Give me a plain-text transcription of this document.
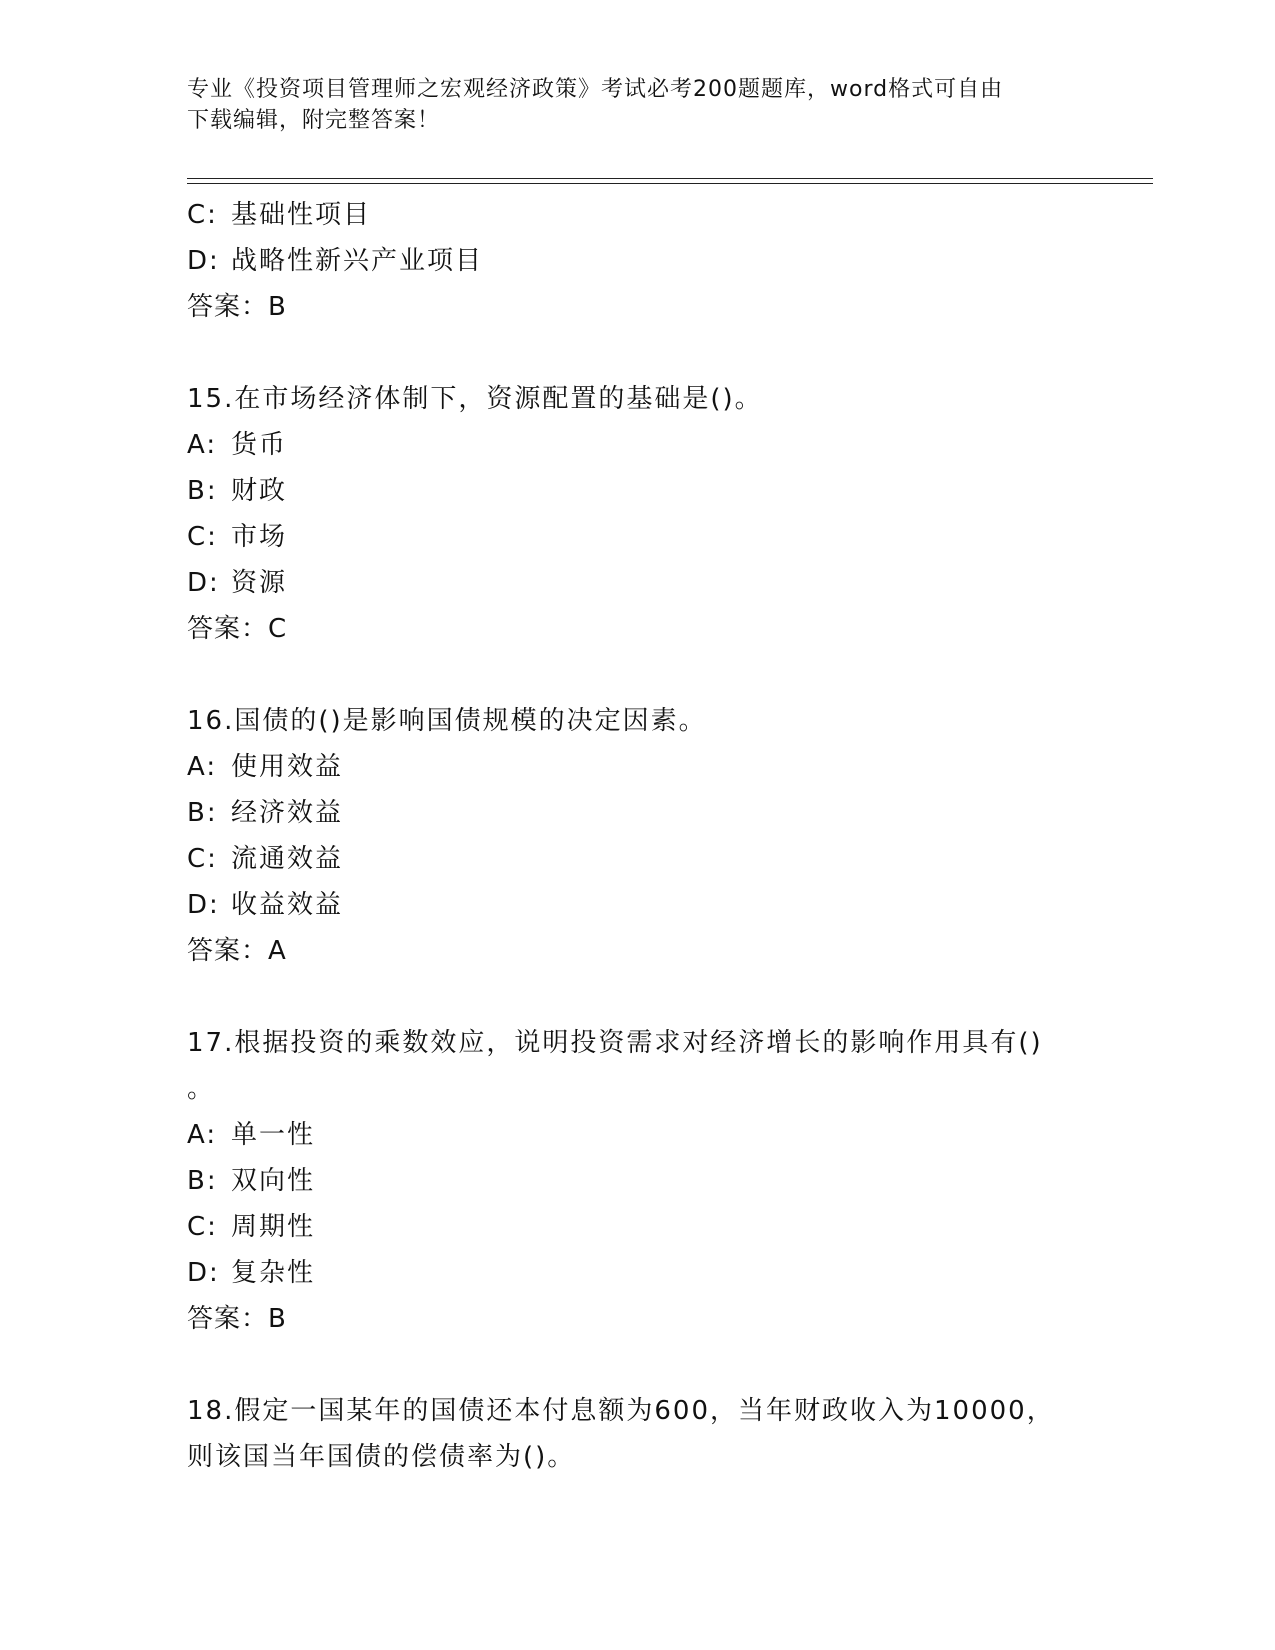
专业《投资项目管理师之宏观经济政策》考试必考200题题库，word格式可自由
下载编辑，附完整答案！
C: 基础性项目
D: 战略性新兴产业项目
答案：B
15.在市场经济体制下，资源配置的基础是()。
A: 货币
B: 财政
C: 市场
D: 资源
答案：C
16.国债的()是影响国债规模的决定因素。
A: 使用效益
B: 经济效益
C: 流通效益
D: 收益效益
答案：A
17.根据投资的乘数效应，说明投资需求对经济增长的影响作用具有()
。
A: 单一性
B: 双向性
C: 周期性
D: 复杂性
答案：B
18.假定一国某年的国债还本付息额为600，当年财政收入为10000，
则该国当年国债的偿债率为()。
